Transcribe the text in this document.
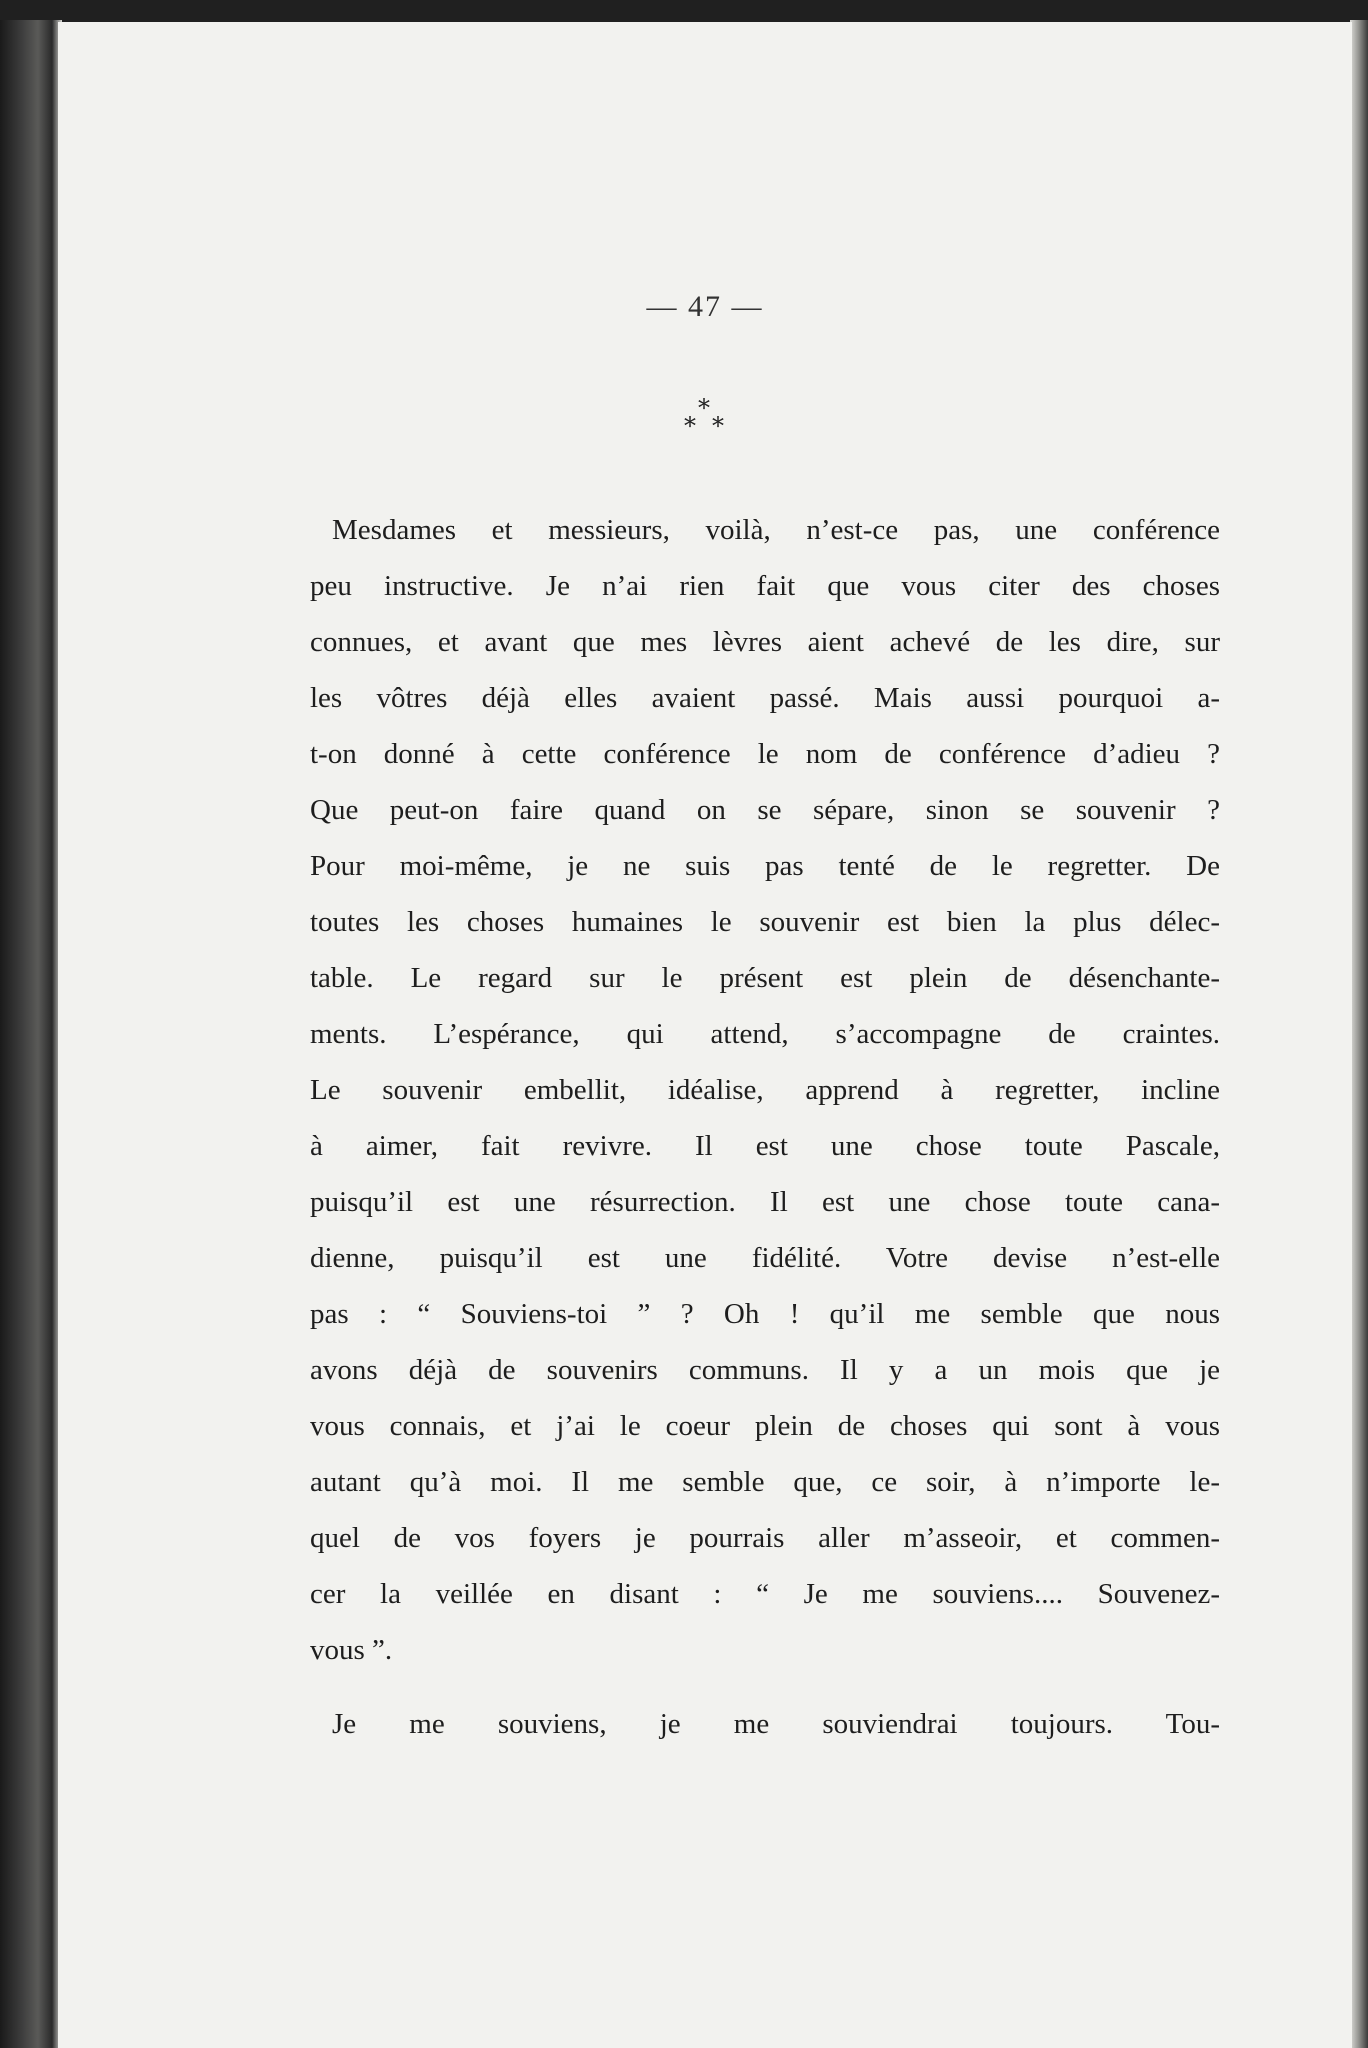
— 47 —
*
* *
Mesdames et messieurs, voilà, n’est-ce pas, une conférence
peu instructive. Je n’ai rien fait que vous citer des choses
connues, et avant que mes lèvres aient achevé de les dire, sur
les vôtres déjà elles avaient passé. Mais aussi pourquoi a-
t-on donné à cette conférence le nom de conférence d’adieu ?
Que peut-on faire quand on se sépare, sinon se souvenir ?
Pour moi-même, je ne suis pas tenté de le regretter. De
toutes les choses humaines le souvenir est bien la plus délec-
table. Le regard sur le présent est plein de désenchante-
ments. L’espérance, qui attend, s’accompagne de craintes.
Le souvenir embellit, idéalise, apprend à regretter, incline
à aimer, fait revivre. Il est une chose toute Pascale,
puisqu’il est une résurrection. Il est une chose toute cana-
dienne, puisqu’il est une fidélité. Votre devise n’est-elle
pas : “ Souviens-toi ” ? Oh ! qu’il me semble que nous
avons déjà de souvenirs communs. Il y a un mois que je
vous connais, et j’ai le coeur plein de choses qui sont à vous
autant qu’à moi. Il me semble que, ce soir, à n’importe le-
quel de vos foyers je pourrais aller m’asseoir, et commen-
cer la veillée en disant : “ Je me souviens.... Souvenez-
vous ”.
Je me souviens, je me souviendrai toujours. Tou-
